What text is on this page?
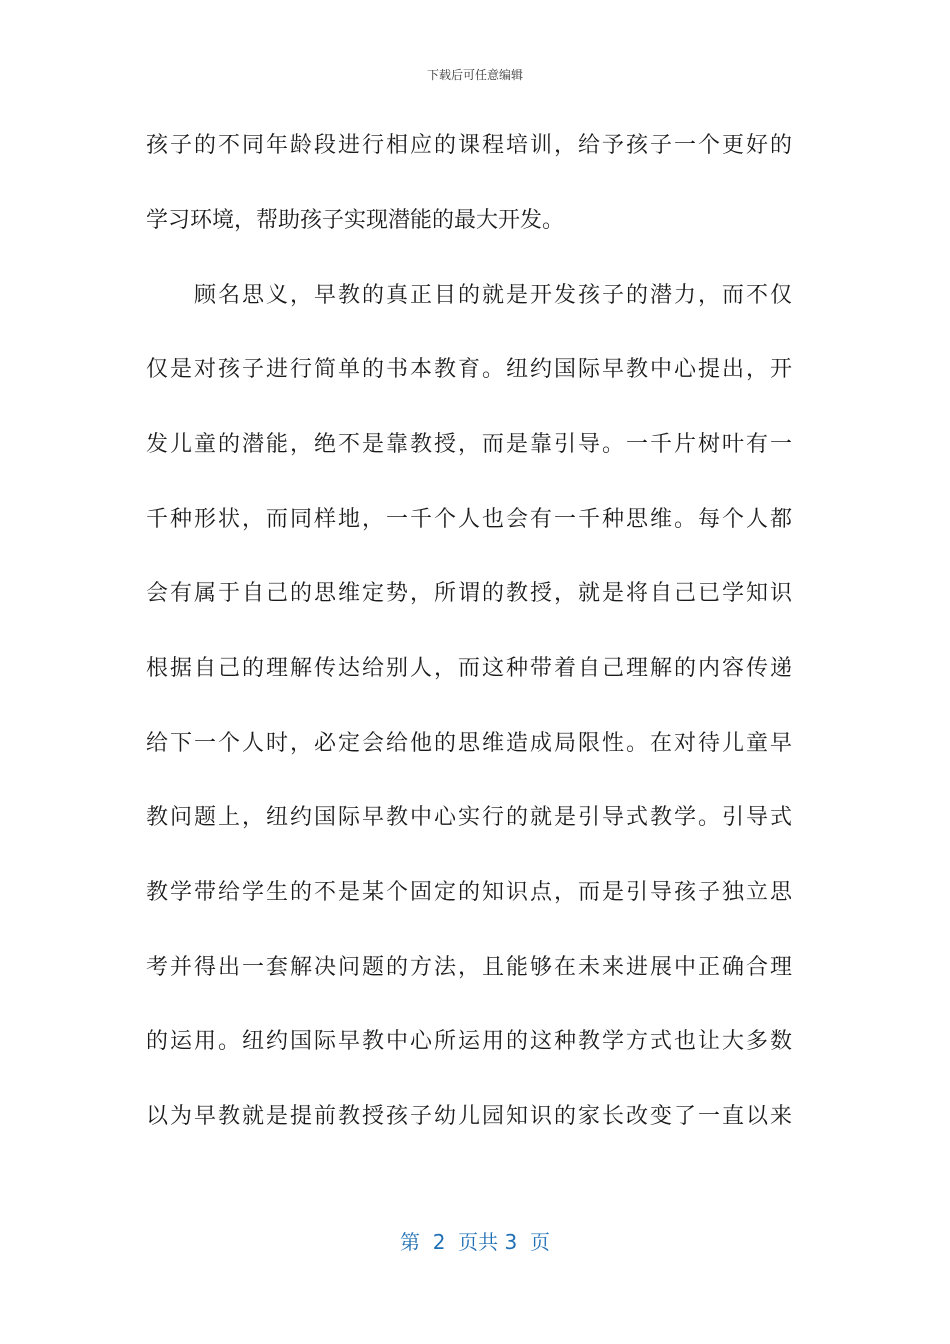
下载后可任意编辑
孩子的不同年龄段进行相应的课程培训，给予孩子一个更好的
学习环境，帮助孩子实现潜能的最大开发。
　　顾名思义，早教的真正目的就是开发孩子的潜力，而不仅
仅是对孩子进行简单的书本教育。纽约国际早教中心提出，开
发儿童的潜能，绝不是靠教授，而是靠引导。一千片树叶有一
千种形状，而同样地，一千个人也会有一千种思维。每个人都
会有属于自己的思维定势，所谓的教授，就是将自己已学知识
根据自己的理解传达给别人，而这种带着自己理解的内容传递
给下一个人时，必定会给他的思维造成局限性。在对待儿童早
教问题上，纽约国际早教中心实行的就是引导式教学。引导式
教学带给学生的不是某个固定的知识点，而是引导孩子独立思
考并得出一套解决问题的方法，且能够在未来进展中正确合理
的运用。纽约国际早教中心所运用的这种教学方式也让大多数
以为早教就是提前教授孩子幼儿园知识的家长改变了一直以来
第  2  页共 3  页
